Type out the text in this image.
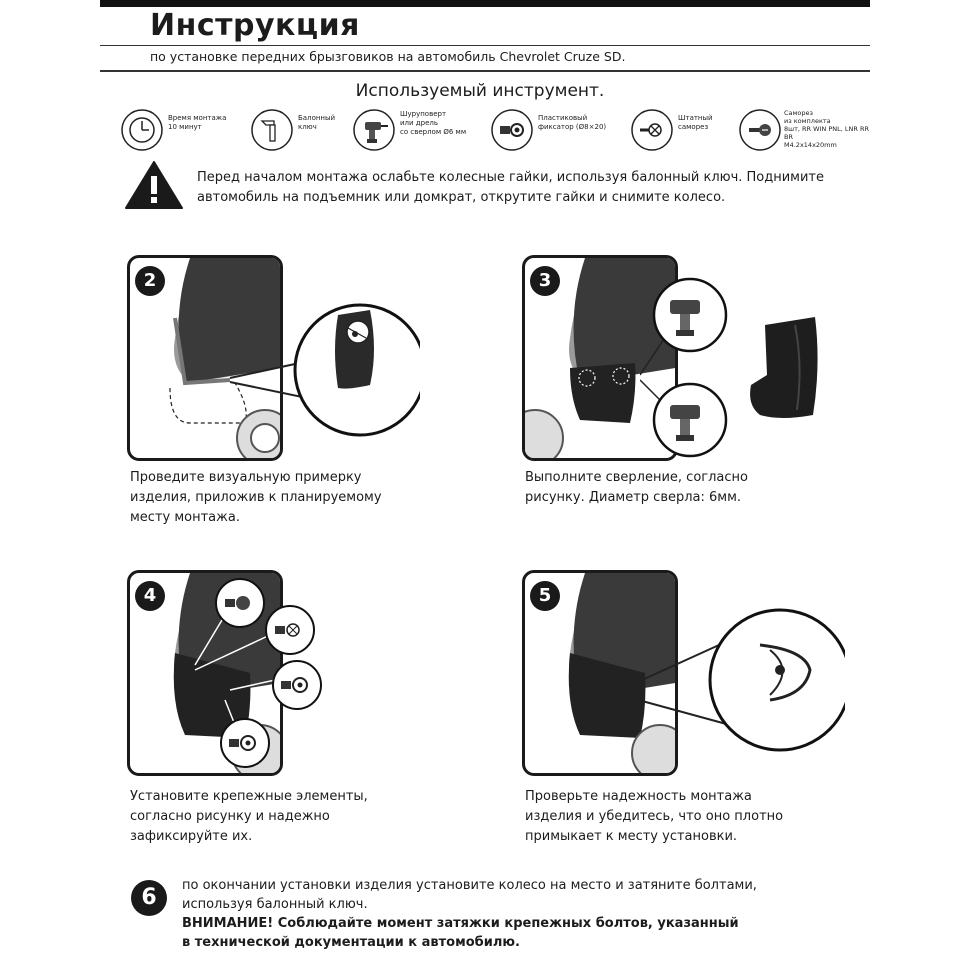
Инструкция
по установке передних брызговиков на автомобиль Chevrolet Cruze SD.
Используемый инструмент.
Время монтажа
10 минут
Балонный
ключ
Шуруповерт
или дрель
со сверлом Ø6 мм
Пластиковый
фиксатор (Ø8×20)
Штатный
саморез
Саморез
из комплекта
8шт, RR WIN PNL, LNR RR BR
M4.2х14х20mm
Перед началом монтажа ослабьте колесные гайки, используя балонный ключ. Поднимите
автомобиль на подъемник или домкрат, открутите гайки и снимите колесо.
2
Проведите визуальную примерку
изделия, приложив к планируемому
месту монтажа.
3
Выполните сверление, согласно
рисунку. Диаметр сверла: 6мм.
4
Установите крепежные элементы,
согласно рисунку и надежно
зафиксируйте их.
5
Проверьте надежность монтажа
изделия и убедитесь, что оно плотно
примыкает к месту установки.
6	по окончании установки изделия установите колесо на место и затяните болтами,
используя балонный ключ.
ВНИМАНИЕ! Соблюдайте момент затяжки крепежных болтов, указанный
в технической документации к автомобилю.
